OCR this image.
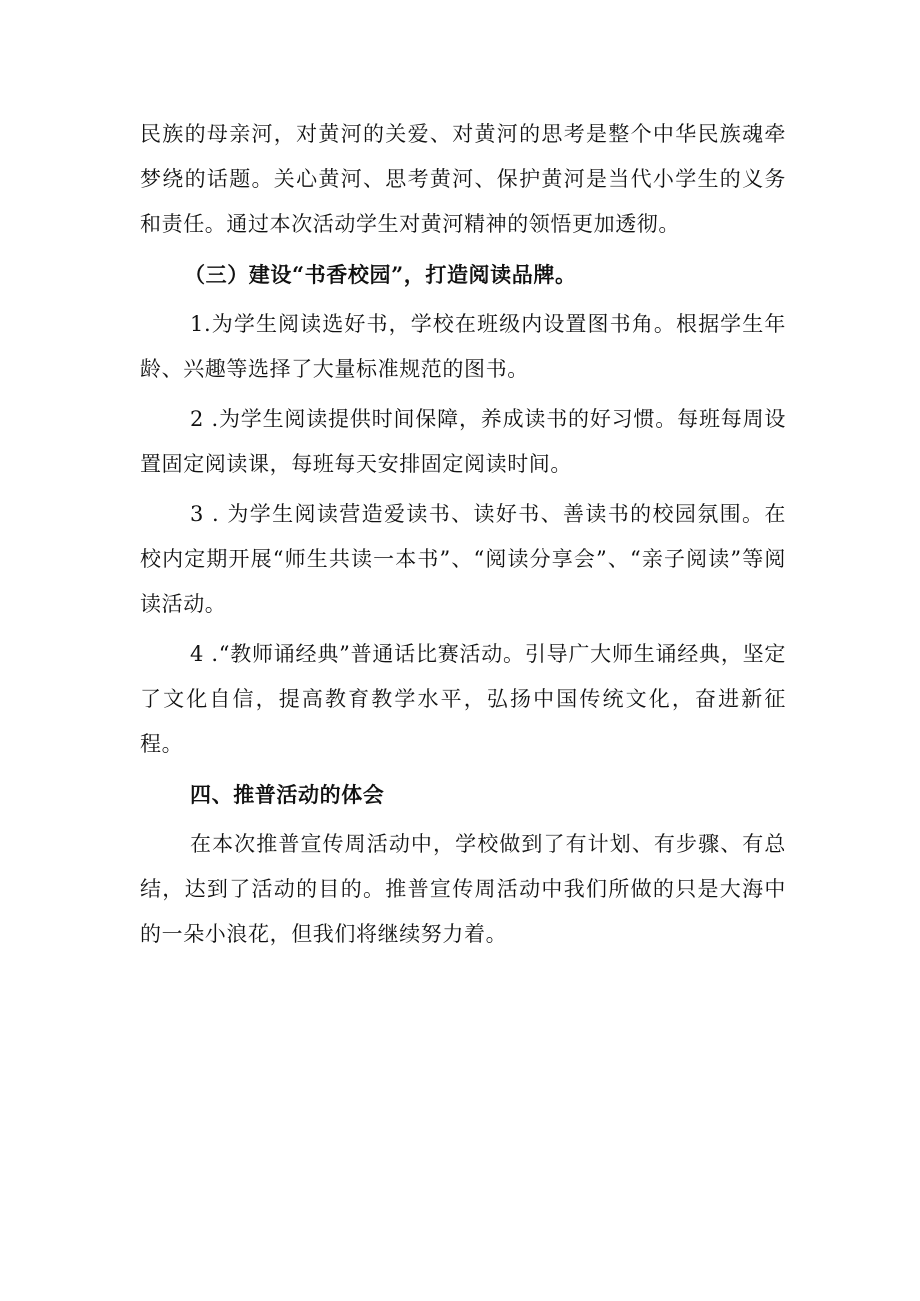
民族的母亲河，对黄河的关爱、对黄河的思考是整个中华民族魂牵梦绕的话题。关心黄河、思考黄河、保护黄河是当代小学生的义务和责任。通过本次活动学生对黄河精神的领悟更加透彻。

（三）建设“书香校园”，打造阅读品牌。

1.为学生阅读选好书，学校在班级内设置图书角。根据学生年龄、兴趣等选择了大量标准规范的图书。

2 .为学生阅读提供时间保障，养成读书的好习惯。每班每周设置固定阅读课，每班每天安排固定阅读时间。

3 . 为学生阅读营造爱读书、读好书、善读书的校园氛围。在校内定期开展“师生共读一本书”、“阅读分享会”、“亲子阅读”等阅读活动。

4 .“教师诵经典”普通话比赛活动。引导广大师生诵经典，坚定了文化自信，提高教育教学水平，弘扬中国传统文化，奋进新征程。

四、推普活动的体会

在本次推普宣传周活动中，学校做到了有计划、有步骤、有总结，达到了活动的目的。推普宣传周活动中我们所做的只是大海中的一朵小浪花，但我们将继续努力着。
